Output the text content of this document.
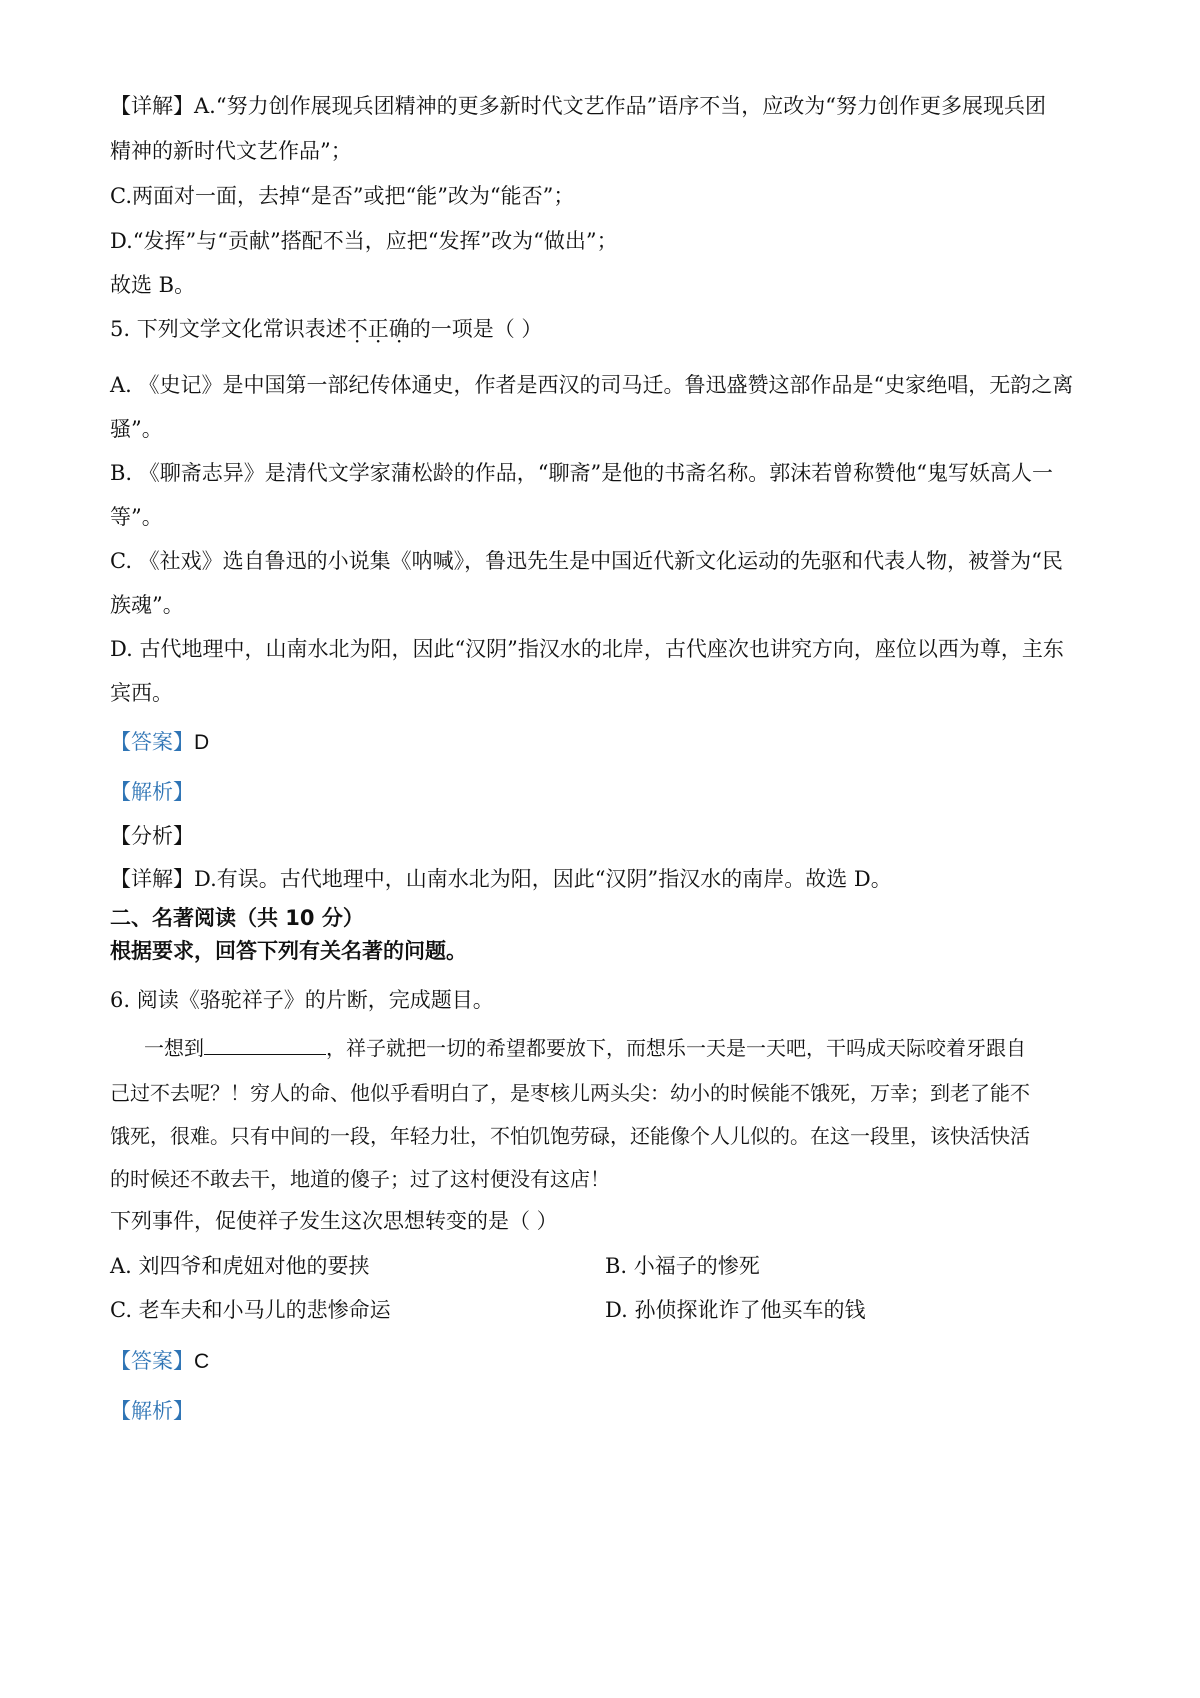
【详解】A.“努力创作展现兵团精神的更多新时代文艺作品”语序不当，应改为“努力创作更多展现兵团
精神的新时代文艺作品”；
C.两面对一面，去掉“是否”或把“能”改为“能否”；
D.“发挥”与“贡献”搭配不当，应把“发挥”改为“做出”；
故选 B。
5. 下列文学文化常识表述不正确的一项是（ ）
A. 《史记》是中国第一部纪传体通史，作者是西汉的司马迁。鲁迅盛赞这部作品是“史家绝唱，无韵之离
骚”。
B. 《聊斋志异》是清代文学家蒲松龄的作品，“聊斋”是他的书斋名称。郭沫若曾称赞他“鬼写妖高人一
等”。
C. 《社戏》选自鲁迅的小说集《呐喊》，鲁迅先生是中国近代新文化运动的先驱和代表人物，被誉为“民
族魂”。
D. 古代地理中，山南水北为阳，因此“汉阴”指汉水的北岸，古代座次也讲究方向，座位以西为尊，主东
宾西。
【答案】D
【解析】
【分析】
【详解】D.有误。古代地理中，山南水北为阳，因此“汉阴”指汉水的南岸。故选 D。
二、名著阅读（共 10 分）
根据要求，回答下列有关名著的问题。
6. 阅读《骆驼祥子》的片断，完成题目。
一想到	，祥子就把一切的希望都要放下，而想乐一天是一天吧，干吗成天际咬着牙跟自
己过不去呢？！穷人的命、他似乎看明白了，是枣核儿两头尖：幼小的时候能不饿死，万幸；到老了能不
饿死，很难。只有中间的一段，年轻力壮，不怕饥饱劳碌，还能像个人儿似的。在这一段里，该快活快活
的时候还不敢去干，地道的傻子；过了这村便没有这店！
下列事件，促使祥子发生这次思想转变的是（ ）
A. 刘四爷和虎妞对他的要挟	B. 小福子的惨死
C. 老车夫和小马儿的悲惨命运	D. 孙侦探讹诈了他买车的钱
【答案】C
【解析】
